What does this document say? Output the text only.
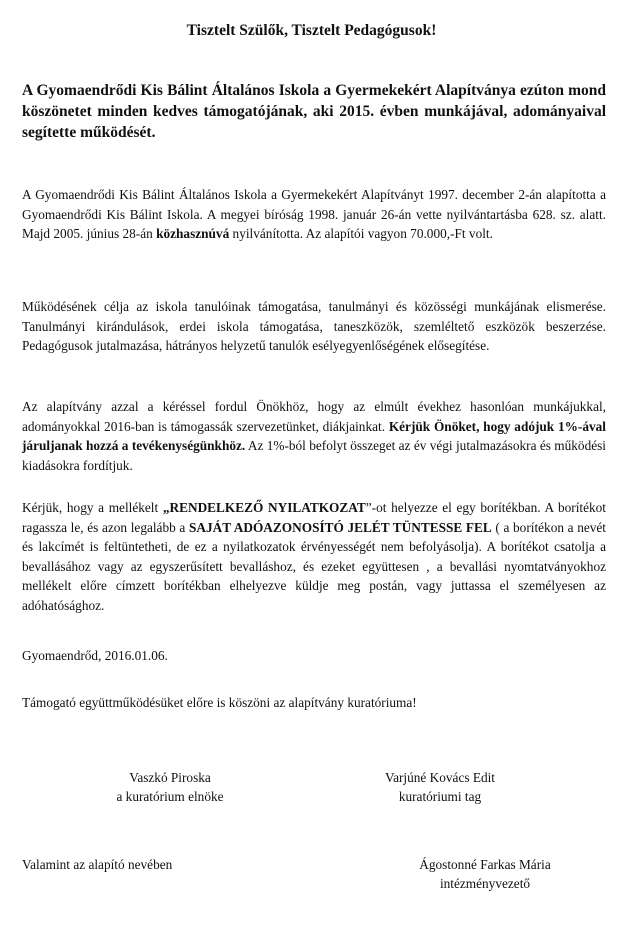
Tisztelt Szülők, Tisztelt Pedagógusok!
A Gyomaendrődi Kis Bálint Általános Iskola a Gyermekekért Alapítványa ezúton mond köszönetet minden kedves támogatójának, aki 2015. évben munkájával, adományaival segítette működését.
A Gyomaendrődi Kis Bálint Általános Iskola a Gyermekekért Alapítványt 1997. december 2-án alapította a Gyomaendrődi Kis Bálint Iskola. A megyei bíróság 1998. január 26-án vette nyilvántartásba 628. sz. alatt. Majd 2005. június 28-án közhasznúvá nyilvánította. Az alapítói vagyon 70.000,-Ft volt.
Működésének célja az iskola tanulóinak támogatása, tanulmányi és közösségi munkájának elismerése. Tanulmányi kirándulások, erdei iskola támogatása, taneszközök, szemléltető eszközök beszerzése. Pedagógusok jutalmazása, hátrányos helyzetű tanulók esélyegyenlőségének elősegítése.
Az alapítvány azzal a kéréssel fordul Önökhöz, hogy az elmúlt évekhez hasonlóan munkájukkal, adományokkal 2016-ban is támogassák szervezetünket, diákjainkat. Kérjük Önöket, hogy adójuk 1%-ával járuljanak hozzá a tevékenységünkhöz. Az 1%-ból befolyt összeget az év végi jutalmazásokra és működési kiadásokra fordítjuk.
Kérjük, hogy a mellékelt „RENDELKEZŐ NYILATKOZAT”-ot helyezze el egy borítékban. A borítékot ragassza le, és azon legalább a SAJÁT ADÓAZONOSÍTÓ JELÉT TÜNTESSE FEL ( a borítékon a nevét és lakcímét is feltüntetheti, de ez a nyilatkozatok érvényességét nem befolyásolja). A borítékot csatolja a bevallásához vagy az egyszerűsített bevalláshoz, és ezeket együttesen , a bevallási nyomtatványokhoz mellékelt előre címzett borítékban elhelyezve küldje meg postán, vagy juttassa el személyesen az adóhatósághoz.
Gyomaendrőd, 2016.01.06.
Támogató együttműködésüket előre is köszöni az alapítvány kuratóriuma!
Vaszkó Piroska
a kuratórium elnöke
Varjúné Kovács Edit
kuratóriumi tag
Valamint az alapító nevében	Ágostonné Farkas Mária
intézményvezető
